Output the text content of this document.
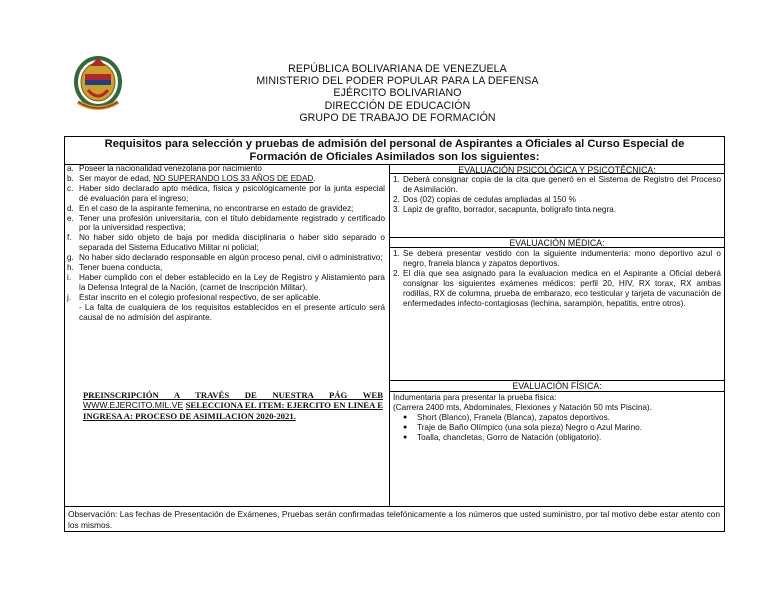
REPÚBLICA BOLIVARIANA DE VENEZUELA
MINISTERIO DEL PODER POPULAR PARA LA DEFENSA
EJÉRCITO BOLIVARIANO
DIRECCIÓN DE EDUCACIÓN
GRUPO DE TRABAJO DE FORMACIÓN
Requisitos para selección y pruebas de admisión del personal de Aspirantes a Oficiales al Curso Especial de
Formación de Oficiales Asimilados son los siguientes:
a. Poseer la nacionalidad venezolana por nacimiento
b. Ser mayor de edad, NO SUPERANDO LOS 33 AÑOS DE EDAD.
c. Haber sido declarado apto médica, física y psicológicamente por la junta especial de evaluación para el ingreso;
d. En el caso de la aspirante femenina, no encontrarse en estado de gravidez;
e. Tener una profesión universitaria, con el título debidamente registrado y certificado por la universidad respectiva;
f. No haber sido objeto de baja por medida disciplinaria o haber sido separado o separada del Sistema Educativo Militar ni policial;
g. No haber sido declarado responsable en algún proceso penal, civil o administrativo;
h. Tener buena conducta,
i. Haber cumplido con el deber establecido en la Ley de Registro y Alistamiento para la Defensa Integral de la Nación, (carnet de Inscripción Militar).
j. Estar inscrito en el colegio profesional respectivo, de ser aplicable.
- La falta de cualquiera de los requisitos establecidos en el presente artículo será causal de no admisión del aspirante.
PREINSCRIPCIÓN A TRAVÉS DE NUESTRA PÁG WEB WWW.EJERCITO.MIL.VE SELECCIONA EL ITEM: EJERCITO EN LINEA E INGRESA A: PROCESO DE ASIMILACION 2020-2021.
EVALUACIÓN PSICOLÓGICA Y PSICOTÉCNICA:
1. Deberá consignar copia de la cita que generó en el Sistema de Registro del Proceso de Asimilación.
2. Dos (02) copias de cedulas ampliadas al 150 %
3. Lapiz de grafito, borrador, sacapunta, bolígrafo tinta negra.
EVALUACIÓN MÉDICA:
1. Se debera presentar vestido con la siguiente indumenteria: mono deportivo azul o negro, franela blanca y zapatos deportivos.
2. El día que sea asignado para la evaluacion medica en el Aspirante a Oficial deberá consignar los siguientes exámenes médicos: perfil 20, HIV, RX torax, RX ambas rodillas, RX de columna, prueba de embarazo, eco testicular y tarjeta de vacunación de enfermedades infecto-contagiosas (lechina, sarampión, hepatitis, entre otros).
EVALUACIÓN FÍSICA:
Indumentaria para presentar la prueba física:
(Carrera 2400 mts, Abdominales, Flexiones y Natación 50 mts Piscina).
●	Short (Blanco), Franela (Blanca), zapatos deportivos.
●	Traje de Baño Olímpico (una sola pieza) Negro o Azul Marino.
●	Toalla, chancletas, Gorro de Natación (obligatorio).
Observación: Las fechas de Presentación de Exámenes, Pruebas serán confirmadas telefónicamente a los números que usted suministro, por tal motivo debe estar atento con los mismos.
